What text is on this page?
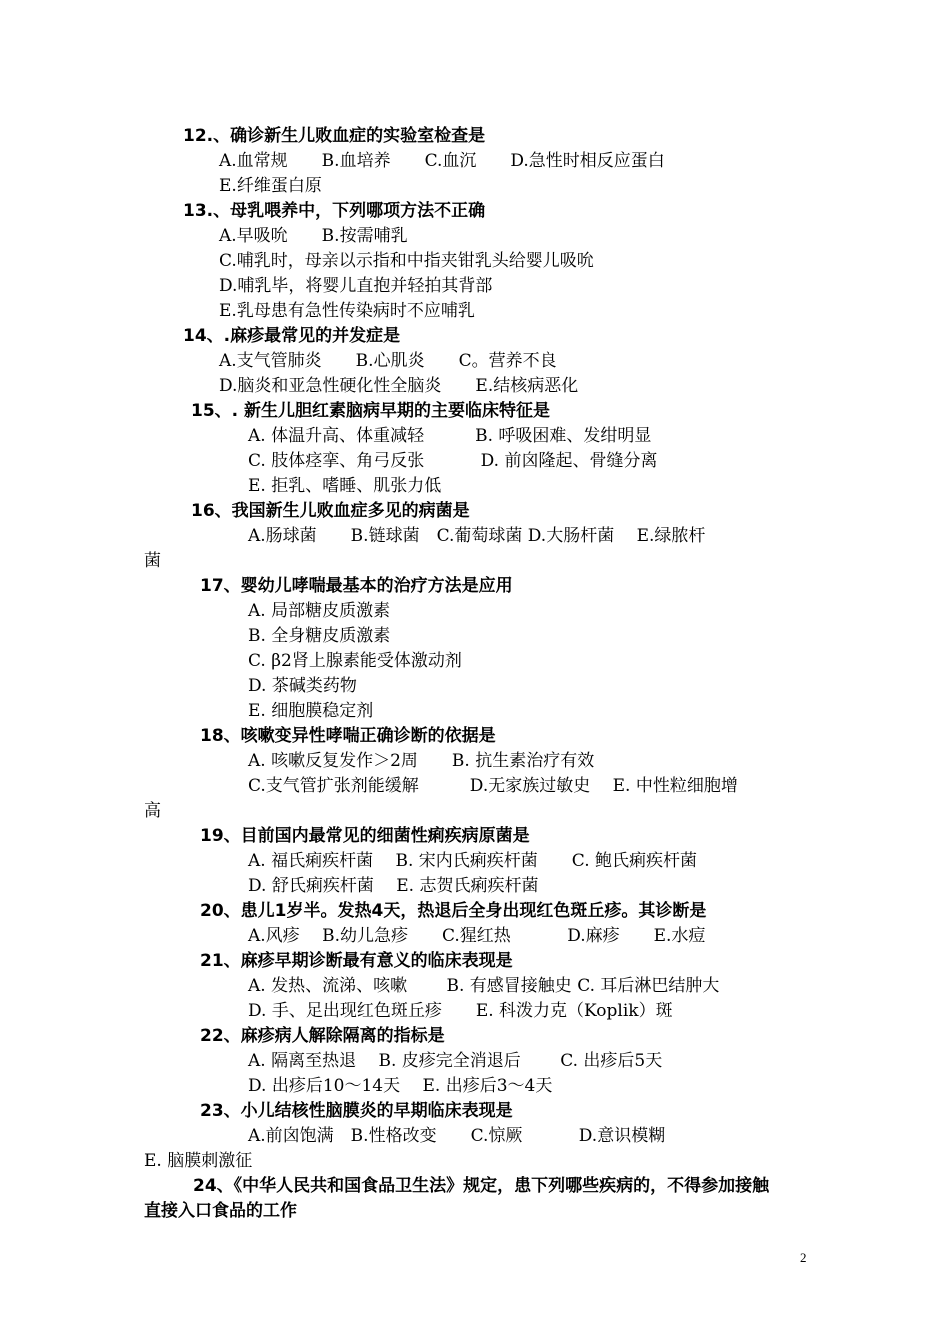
12.、确诊新生儿败血症的实验室检查是
A.血常规　　B.血培养　　C.血沉　　D.急性时相反应蛋白
E.纤维蛋白原
13.、母乳喂养中，下列哪项方法不正确
A.早吸吮　　B.按需哺乳
C.哺乳时，母亲以示指和中指夹钳乳头给婴儿吸吮
D.哺乳毕，将婴儿直抱并轻拍其背部
E.乳母患有急性传染病时不应哺乳
14、.麻疹最常见的并发症是
A.支气管肺炎　　B.心肌炎　　C。营养不良
D.脑炎和亚急性硬化性全脑炎　　E.结核病恶化
15、. 新生儿胆红素脑病早期的主要临床特征是
A. 体温升高、体重减轻　　　B. 呼吸困难、发绀明显
C. 肢体痉挛、角弓反张　　　 D. 前囟隆起、骨缝分离
E. 拒乳、嗜睡、肌张力低
16、我国新生儿败血症多见的病菌是
A.肠球菌　　B.链球菌　C.葡萄球菌 D.大肠杆菌　 E.绿脓杆
菌
17、婴幼儿哮喘最基本的治疗方法是应用
A. 局部糖皮质激素
B. 全身糖皮质激素
C. β2肾上腺素能受体激动剂
D. 茶碱类药物
E. 细胞膜稳定剂
18、咳嗽变异性哮喘正确诊断的依据是
A. 咳嗽反复发作＞2周　　B. 抗生素治疗有效
C.支气管扩张剂能缓解　　　D.无家族过敏史　 E. 中性粒细胞增
高
19、目前国内最常见的细菌性痢疾病原菌是
A. 福氏痢疾杆菌　 B. 宋内氏痢疾杆菌　　C. 鲍氏痢疾杆菌
D. 舒氏痢疾杆菌　 E. 志贺氏痢疾杆菌
20、患儿1岁半。发热4天，热退后全身出现红色斑丘疹。其诊断是
A.风疹　 B.幼儿急疹　　C.猩红热　　　 D.麻疹　　E.水痘
21、麻疹早期诊断最有意义的临床表现是
A. 发热、流涕、咳嗽　　 B. 有感冒接触史 C. 耳后淋巴结肿大
D. 手、足出现红色斑丘疹　　E. 科泼力克（Koplik）斑
22、麻疹病人解除隔离的指标是
A. 隔离至热退　 B. 皮疹完全消退后　　 C. 出疹后5天
D. 出疹后10～14天　 E. 出疹后3～4天
23、小儿结核性脑膜炎的早期临床表现是
A.前囟饱满　B.性格改变　　C.惊厥　　　 D.意识模糊
E. 脑膜刺激征
24、《中华人民共和国食品卫生法》规定，患下列哪些疾病的，不得参加接触
直接入口食品的工作
2
